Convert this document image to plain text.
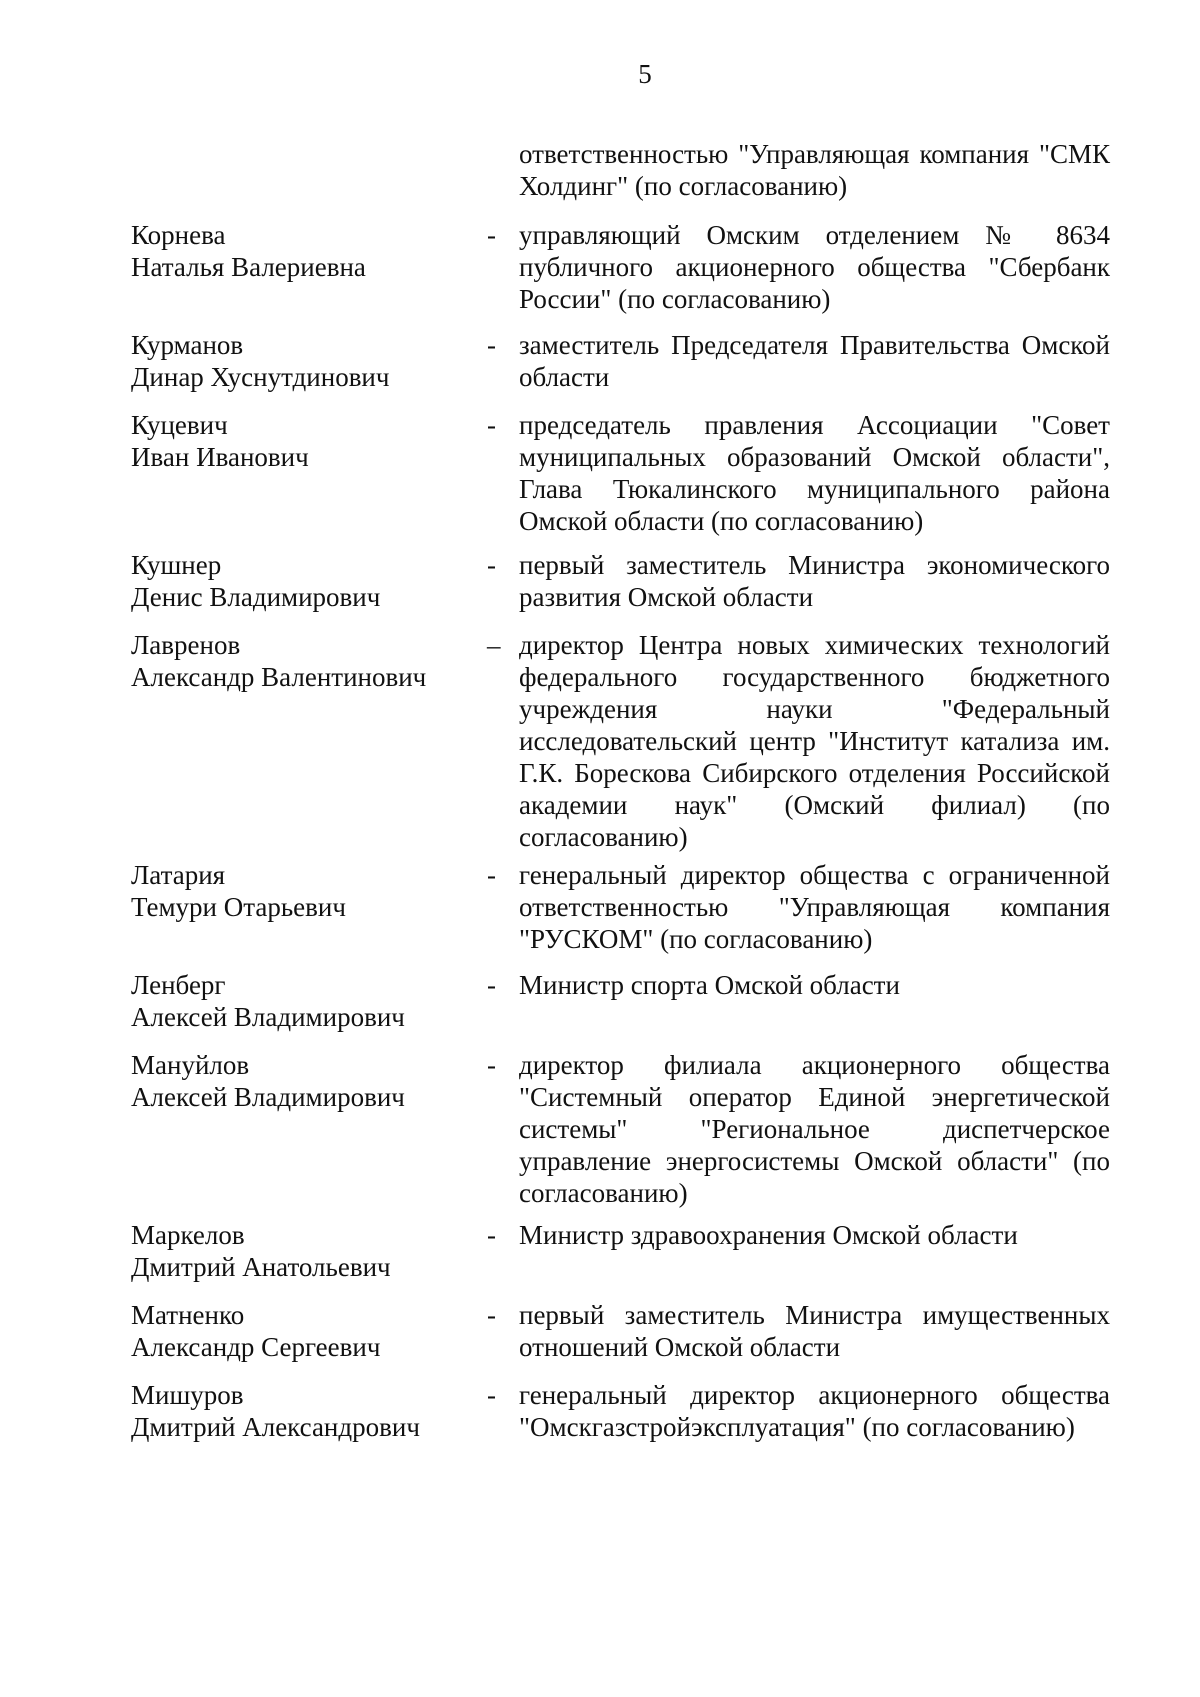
5
ответственностью "Управляющая компания "СМК Холдинг" (по согласованию)
Корнева
Наталья Валериевна
- управляющий Омским отделением № 8634 публичного акционерного общества "Сбербанк России" (по согласованию)
Курманов
Динар Хуснутдинович
- заместитель Председателя Правительства Омской области
Куцевич
Иван Иванович
- председатель правления Ассоциации "Совет муниципальных образований Омской области", Глава Тюкалинского муниципального района Омской области (по согласованию)
Кушнер
Денис Владимирович
- первый заместитель Министра экономического развития Омской области
Лавренов
Александр Валентинович
– директор Центра новых химических технологий федерального государственного бюджетного учреждения науки "Федеральный исследовательский центр "Институт катализа им. Г.К. Борескова Сибирского отделения Российской академии наук" (Омский филиал) (по согласованию)
Латария
Темури Отарьевич
- генеральный директор общества с ограниченной ответственностью "Управляющая компания "РУСКОМ" (по согласованию)
Ленберг
Алексей Владимирович
- Министр спорта Омской области
Мануйлов
Алексей Владимирович
- директор филиала акционерного общества "Системный оператор Единой энергетической системы" "Региональное диспетчерское управление энергосистемы Омской области" (по согласованию)
Маркелов
Дмитрий Анатольевич
- Министр здравоохранения Омской области
Матненко
Александр Сергеевич
- первый заместитель Министра имущественных отношений Омской области
Мишуров
Дмитрий Александрович
- генеральный директор акционерного общества "Омскгазстройэксплуатация" (по согласованию)
